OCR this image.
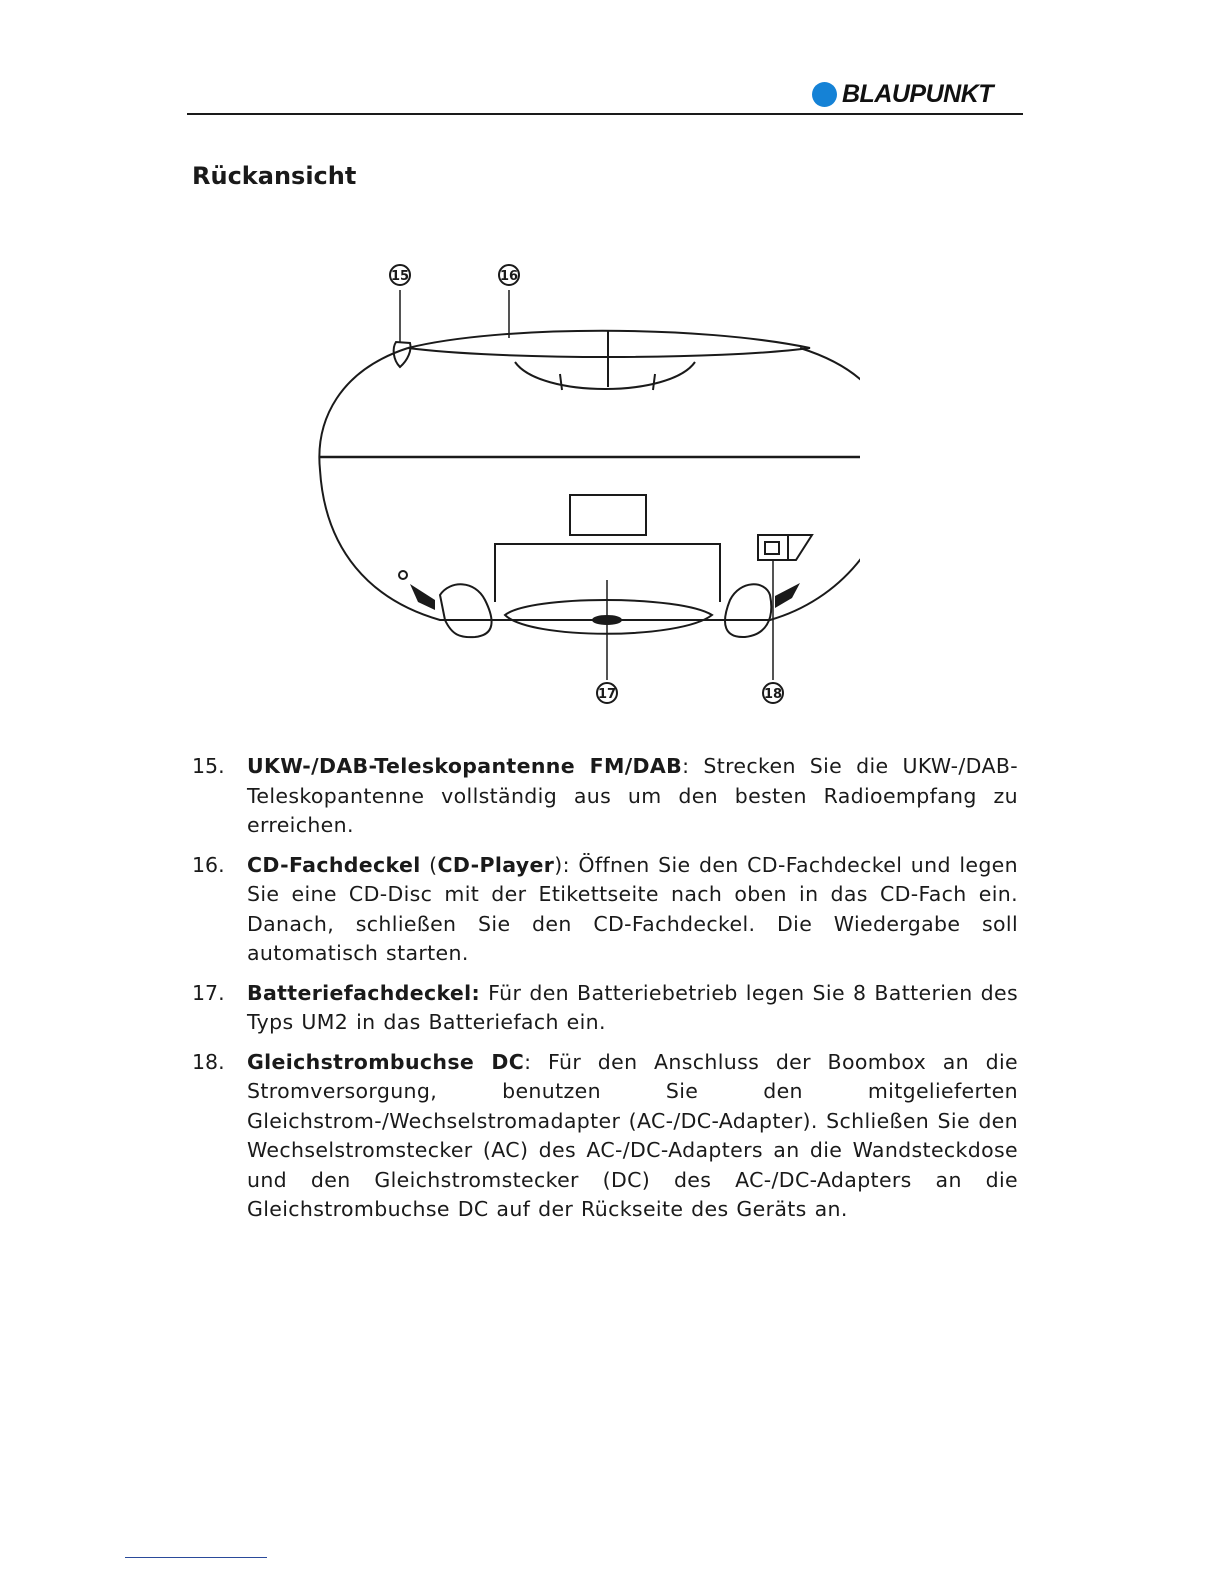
BLAUPUNKT
Rückansicht
15	16
17	18
15.	UKW-/DAB-Teleskopantenne FM/DAB: Strecken Sie die UKW-/DAB-Teleskopantenne vollständig aus um den besten Radioempfang zu erreichen.
16.	CD-Fachdeckel (CD-Player): Öffnen Sie den CD-Fachdeckel und legen Sie eine CD-Disc mit der Etikettseite nach oben in das CD-Fach ein. Danach, schließen Sie den CD-Fachdeckel. Die Wiedergabe soll automatisch starten.
17.	Batteriefachdeckel: Für den Batteriebetrieb legen Sie 8 Batterien des Typs UM2 in das Batteriefach ein.
18.	Gleichstrombuchse DC: Für den Anschluss der Boombox an die Stromversorgung, benutzen Sie den mitgelieferten Gleichstrom-/Wechselstromadapter (AC-/DC-Adapter). Schließen Sie den Wechselstromstecker (AC) des AC-/DC-Adapters an die Wandsteckdose und den Gleichstromstecker (DC) des AC-/DC-Adapters an die Gleichstrombuchse DC auf der Rückseite des Geräts an.
